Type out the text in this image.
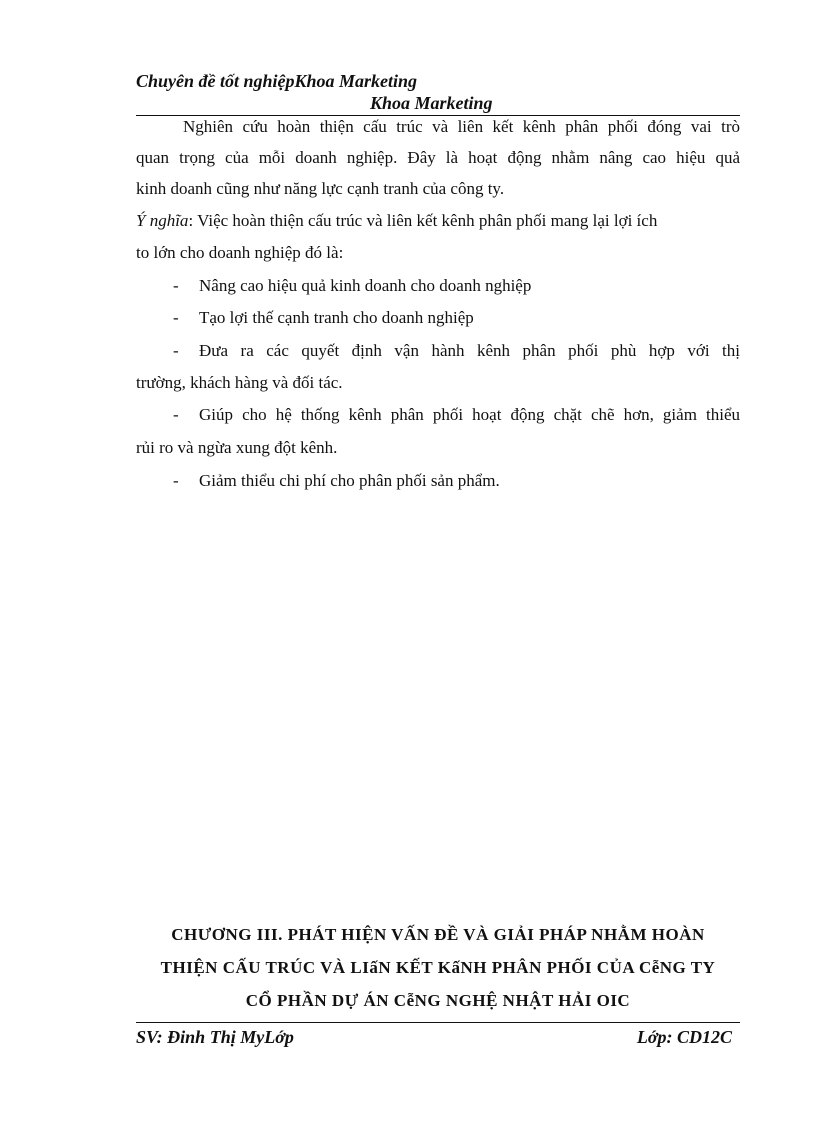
Chuyên đề tốt nghiệpKhoa Marketing
Khoa Marketing
Nghiên cứu hoàn thiện cấu trúc và liên kết kênh phân phối đóng vai trò
quan trọng của mỗi doanh nghiệp. Đây là hoạt động nhằm nâng cao hiệu quả
kinh doanh cũng như năng lực cạnh tranh của công ty.
Ý nghĩa: Việc hoàn thiện cấu trúc và liên kết kênh phân phối mang lại lợi ích
to lớn cho doanh nghiệp đó là:
- Nâng cao hiệu quả kinh doanh cho doanh nghiệp
- Tạo lợi thế cạnh tranh cho doanh nghiệp
- Đưa ra các quyết định vận hành kênh phân phối phù hợp với thị
trường, khách hàng và đối tác.
- Giúp cho hệ thống kênh phân phối hoạt động chặt chẽ hơn, giảm thiểu
rủi ro và ngừa xung đột kênh.
- Giảm thiểu chi phí cho phân phối sản phẩm.
CHƯƠNG III. PHÁT HIỆN VẤN ĐỀ VÀ GIẢI PHÁP NHẰM HOÀN
THIỆN CẤU TRÚC VÀ LIấN KẾT KấNH PHÂN PHỐI CỦA CễNG TY
CỔ PHẦN DỰ ÁN CễNG NGHỆ NHẬT HẢI OIC
SV: Đinh Thị MyLớp	Lớp: CD12C
